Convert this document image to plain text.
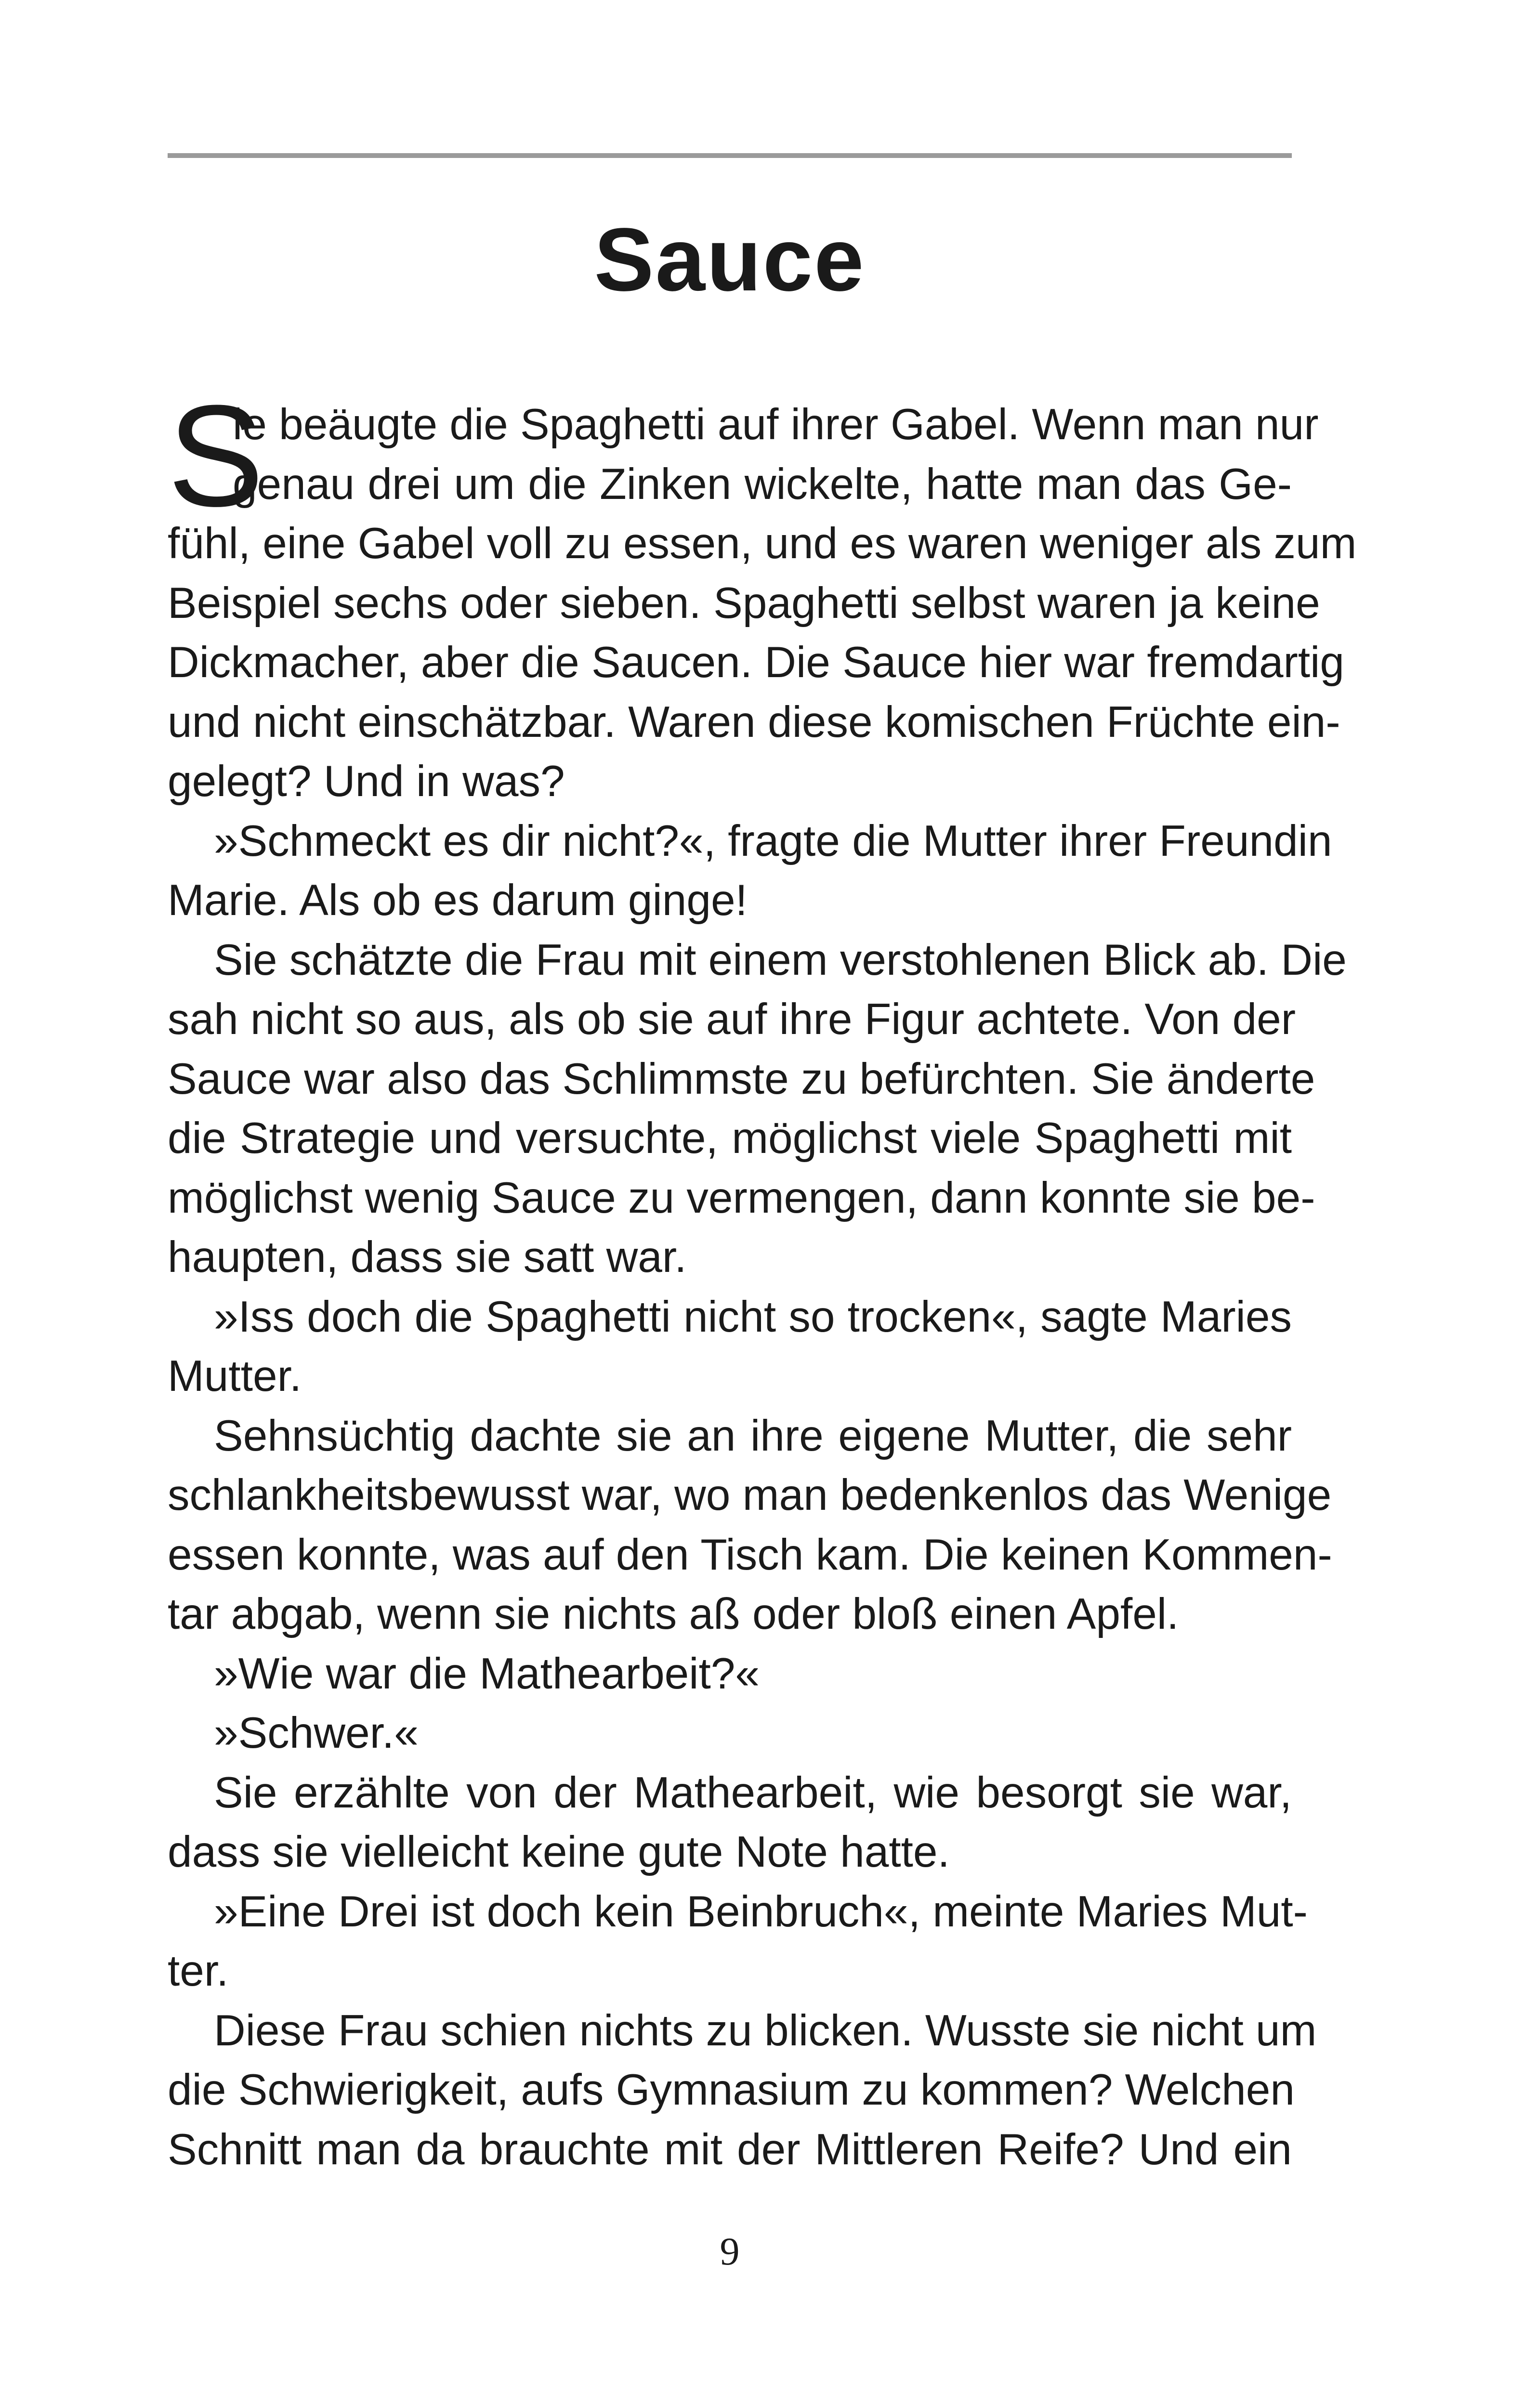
Sauce
S
ie beäugte die Spaghetti auf ihrer Gabel. Wenn man nur
genau drei um die Zinken wickelte, hatte man das Ge-
fühl, eine Gabel voll zu essen, und es waren weniger als zum
Beispiel sechs oder sieben. Spaghetti selbst waren ja keine
Dickmacher, aber die Saucen. Die Sauce hier war fremdartig
und nicht einschätzbar. Waren diese komischen Früchte ein-
gelegt? Und in was?
»Schmeckt es dir nicht?«, fragte die Mutter ihrer Freundin
Marie. Als ob es darum ginge!
Sie schätzte die Frau mit einem verstohlenen Blick ab. Die
sah nicht so aus, als ob sie auf ihre Figur achtete. Von der
Sauce war also das Schlimmste zu befürchten. Sie änderte
die Strategie und versuchte, möglichst viele Spaghetti mit
möglichst wenig Sauce zu vermengen, dann konnte sie be-
haupten, dass sie satt war.
»Iss doch die Spaghetti nicht so trocken«, sagte Maries
Mutter.
Sehnsüchtig dachte sie an ihre eigene Mutter, die sehr
schlankheitsbewusst war, wo man bedenkenlos das Wenige
essen konnte, was auf den Tisch kam. Die keinen Kommen-
tar abgab, wenn sie nichts aß oder bloß einen Apfel.
»Wie war die Mathearbeit?«
»Schwer.«
Sie erzählte von der Mathearbeit, wie besorgt sie war,
dass sie vielleicht keine gute Note hatte.
»Eine Drei ist doch kein Beinbruch«, meinte Maries Mut-
ter.
Diese Frau schien nichts zu blicken. Wusste sie nicht um
die Schwierigkeit, aufs Gymnasium zu kommen? Welchen
Schnitt man da brauchte mit der Mittleren Reife? Und ein
9
